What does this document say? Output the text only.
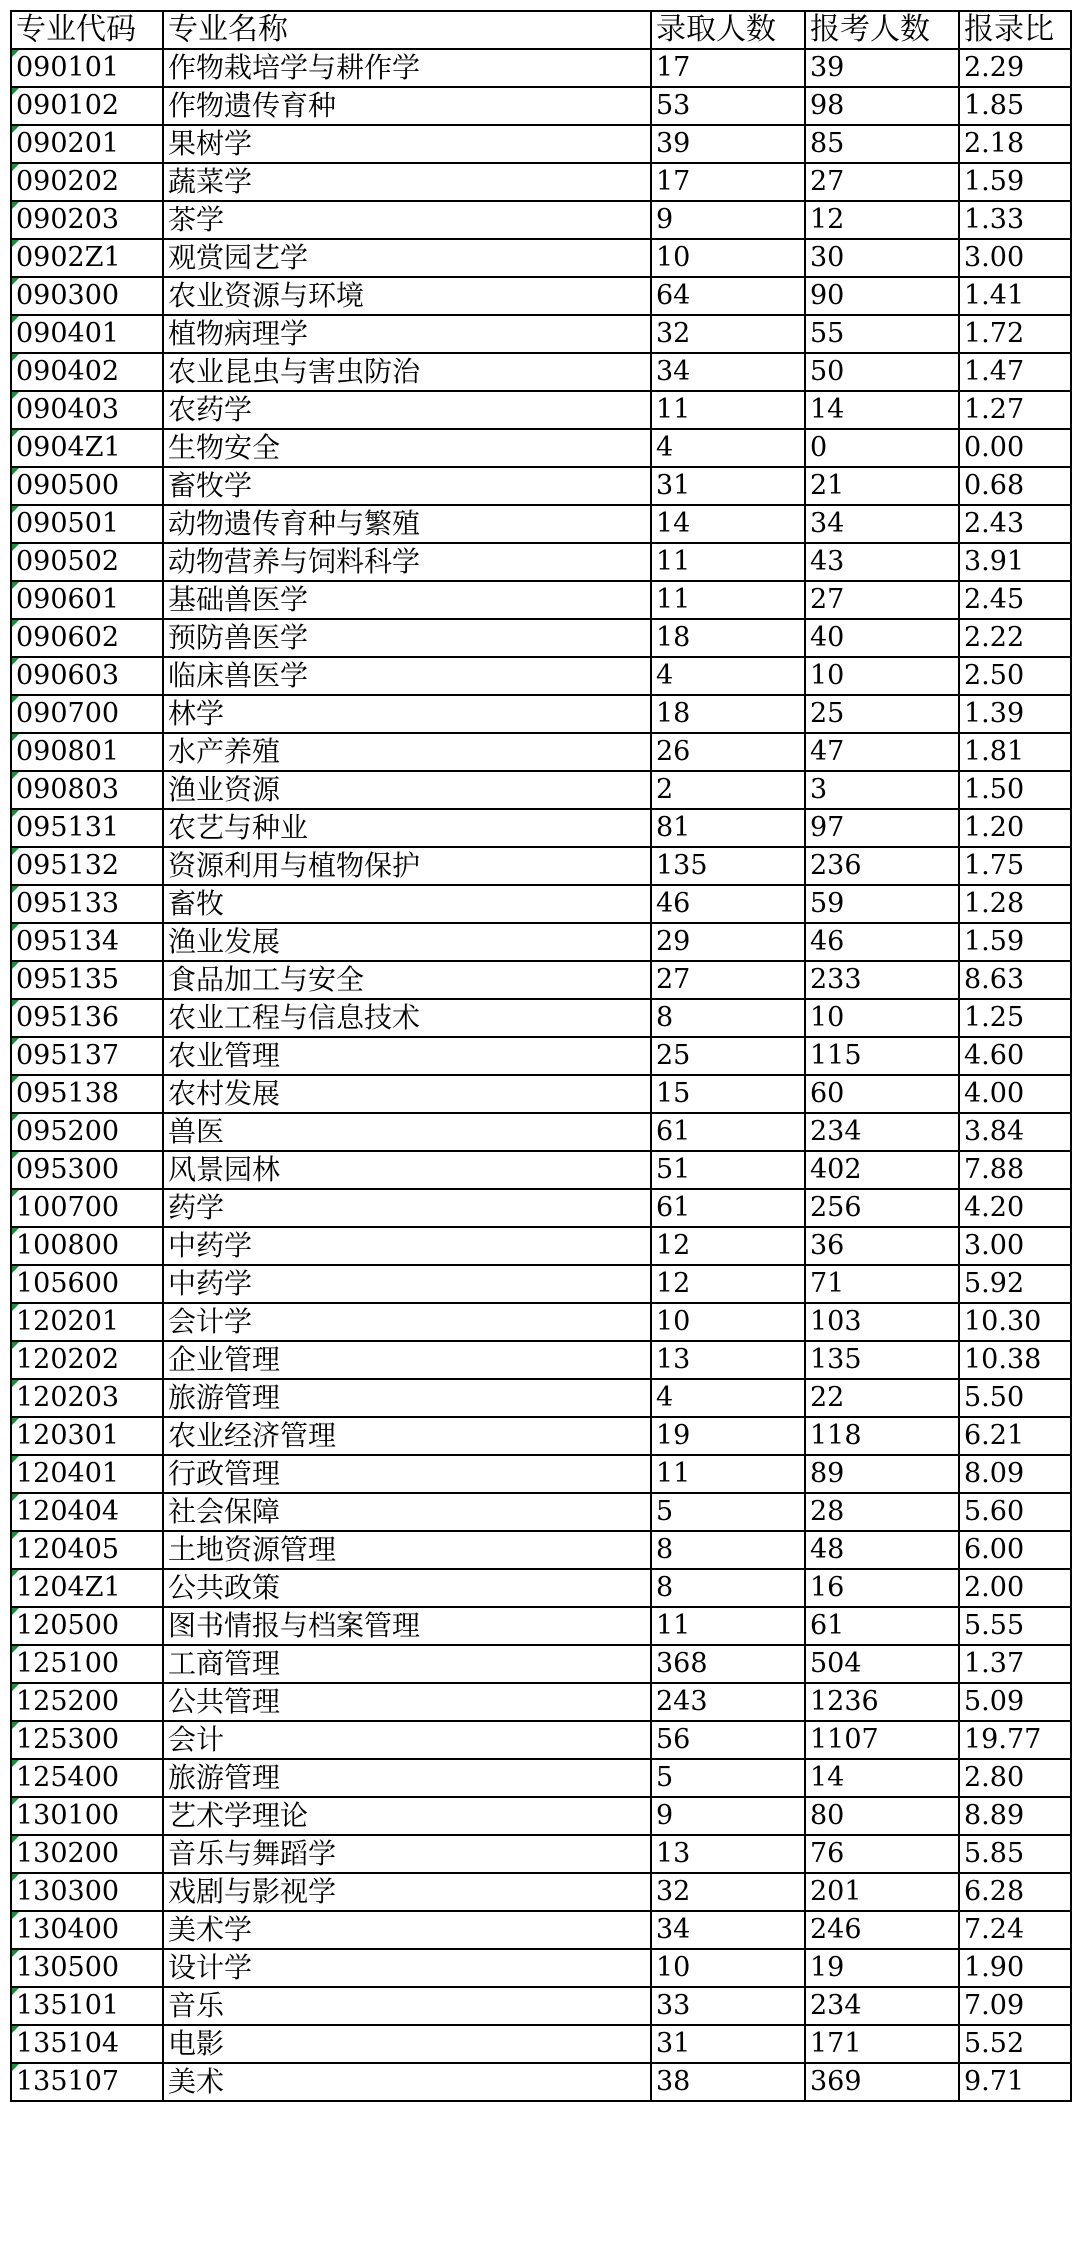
专业代码	专业名称	录取人数	报考人数	报录比
090101	作物栽培学与耕作学	17	39	2.29
090102	作物遗传育种	53	98	1.85
090201	果树学	39	85	2.18
090202	蔬菜学	17	27	1.59
090203	茶学	9	12	1.33
0902Z1	观赏园艺学	10	30	3.00
090300	农业资源与环境	64	90	1.41
090401	植物病理学	32	55	1.72
090402	农业昆虫与害虫防治	34	50	1.47
090403	农药学	11	14	1.27
0904Z1	生物安全	4	0	0.00
090500	畜牧学	31	21	0.68
090501	动物遗传育种与繁殖	14	34	2.43
090502	动物营养与饲料科学	11	43	3.91
090601	基础兽医学	11	27	2.45
090602	预防兽医学	18	40	2.22
090603	临床兽医学	4	10	2.50
090700	林学	18	25	1.39
090801	水产养殖	26	47	1.81
090803	渔业资源	2	3	1.50
095131	农艺与种业	81	97	1.20
095132	资源利用与植物保护	135	236	1.75
095133	畜牧	46	59	1.28
095134	渔业发展	29	46	1.59
095135	食品加工与安全	27	233	8.63
095136	农业工程与信息技术	8	10	1.25
095137	农业管理	25	115	4.60
095138	农村发展	15	60	4.00
095200	兽医	61	234	3.84
095300	风景园林	51	402	7.88
100700	药学	61	256	4.20
100800	中药学	12	36	3.00
105600	中药学	12	71	5.92
120201	会计学	10	103	10.30
120202	企业管理	13	135	10.38
120203	旅游管理	4	22	5.50
120301	农业经济管理	19	118	6.21
120401	行政管理	11	89	8.09
120404	社会保障	5	28	5.60
120405	土地资源管理	8	48	6.00
1204Z1	公共政策	8	16	2.00
120500	图书情报与档案管理	11	61	5.55
125100	工商管理	368	504	1.37
125200	公共管理	243	1236	5.09
125300	会计	56	1107	19.77
125400	旅游管理	5	14	2.80
130100	艺术学理论	9	80	8.89
130200	音乐与舞蹈学	13	76	5.85
130300	戏剧与影视学	32	201	6.28
130400	美术学	34	246	7.24
130500	设计学	10	19	1.90
135101	音乐	33	234	7.09
135104	电影	31	171	5.52
135107	美术	38	369	9.71
